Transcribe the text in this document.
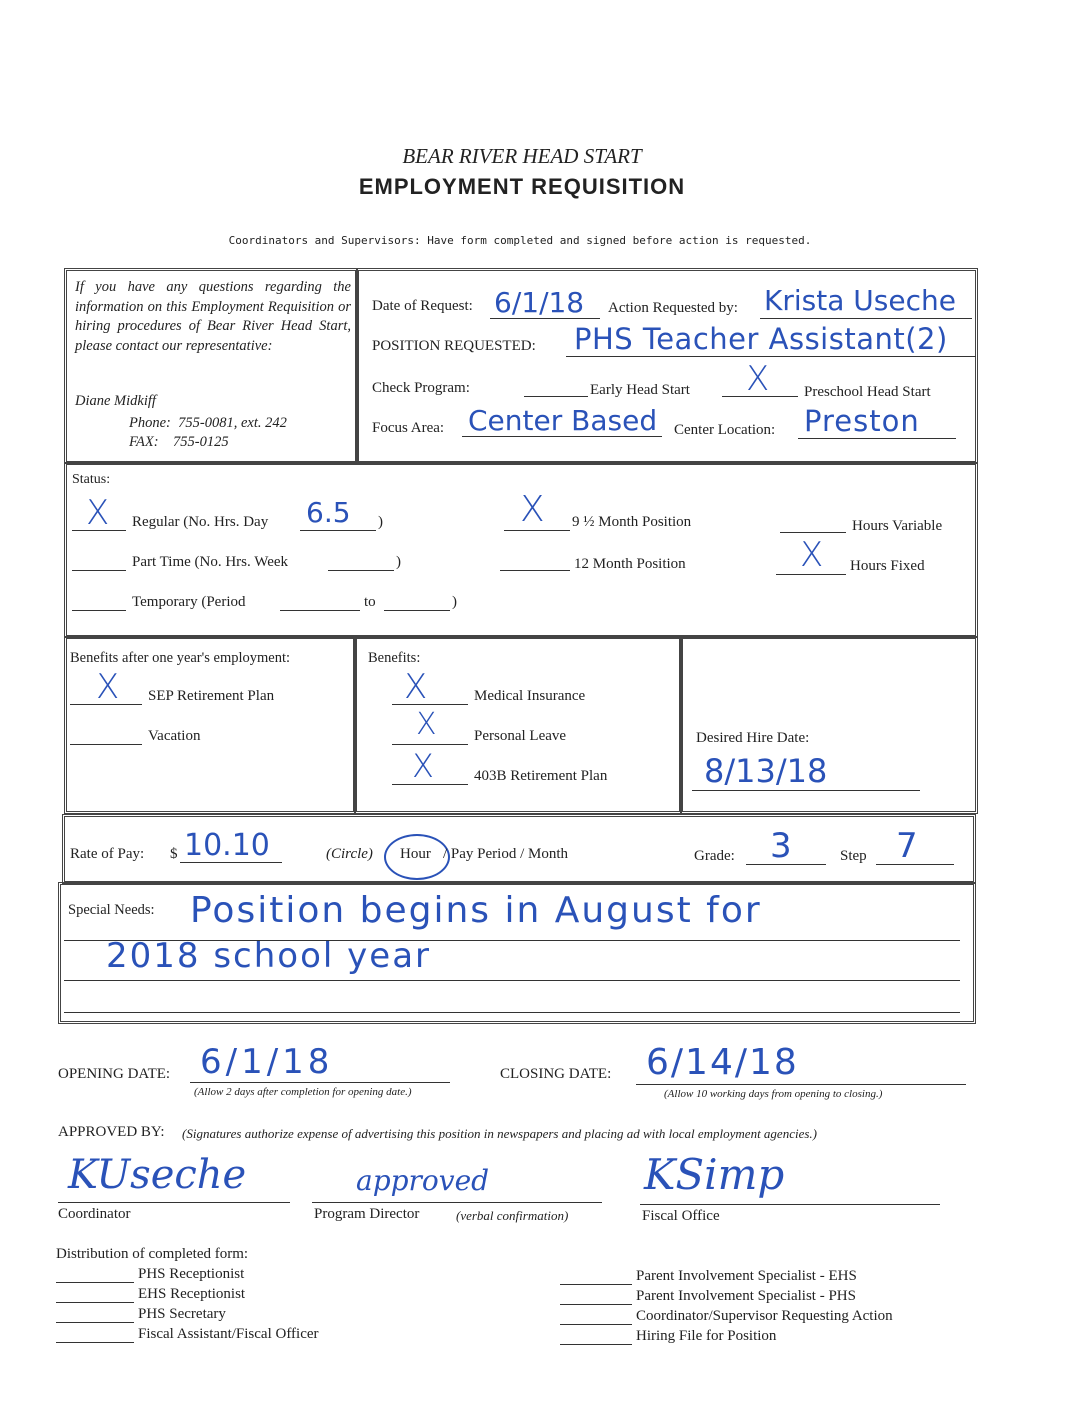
BEAR RIVER HEAD START
EMPLOYMENT REQUISITION
Coordinators and Supervisors: Have form completed and signed before action is requested.
If you have any questions regarding the information on this Employment Requisition or hiring procedures of Bear River Head Start, please contact our representative:
Diane Midkiff
Phone:  755-0081, ext. 242
FAX:    755-0125
Date of Request: 6/1/18 Action Requested by: Krista Useche
POSITION REQUESTED: PHS Teacher Assistant(2)
Check Program:	Early Head Start X Preschool Head Start
Focus Area: Center Based Center Location: Preston
Status:
X Regular (No. Hrs. Day 6.5 )	X 9 ½ Month Position	Hours Variable
Part Time (No. Hrs. Week	)	12 Month Position	X Hours Fixed
Temporary (Period	to	)
Benefits after one year's employment:
X SEP Retirement Plan
Vacation
Benefits:
X	Medical Insurance
X Personal Leave
X	403B Retirement Plan
Desired Hire Date:
8/13/18
Rate of Pay: $ 10.10	(Circle) Hour / Pay Period / Month	Grade: 3	Step 7
Special Needs: Position begins in August for
2018 school year
OPENING DATE: 6/1/18
(Allow 2 days after completion for opening date.)
CLOSING DATE: 6/14/18
(Allow 10 working days from opening to closing.)
APPROVED BY: (Signatures authorize expense of advertising this position in newspapers and placing ad with local employment agencies.)
KUseche
Coordinator
approved
Program Director	(verbal confirmation)
KSimp
Fiscal Office
Distribution of completed form:
PHS Receptionist
EHS Receptionist
PHS Secretary
Fiscal Assistant/Fiscal Officer
Parent Involvement Specialist - EHS
Parent Involvement Specialist - PHS
Coordinator/Supervisor Requesting Action
Hiring File for Position
